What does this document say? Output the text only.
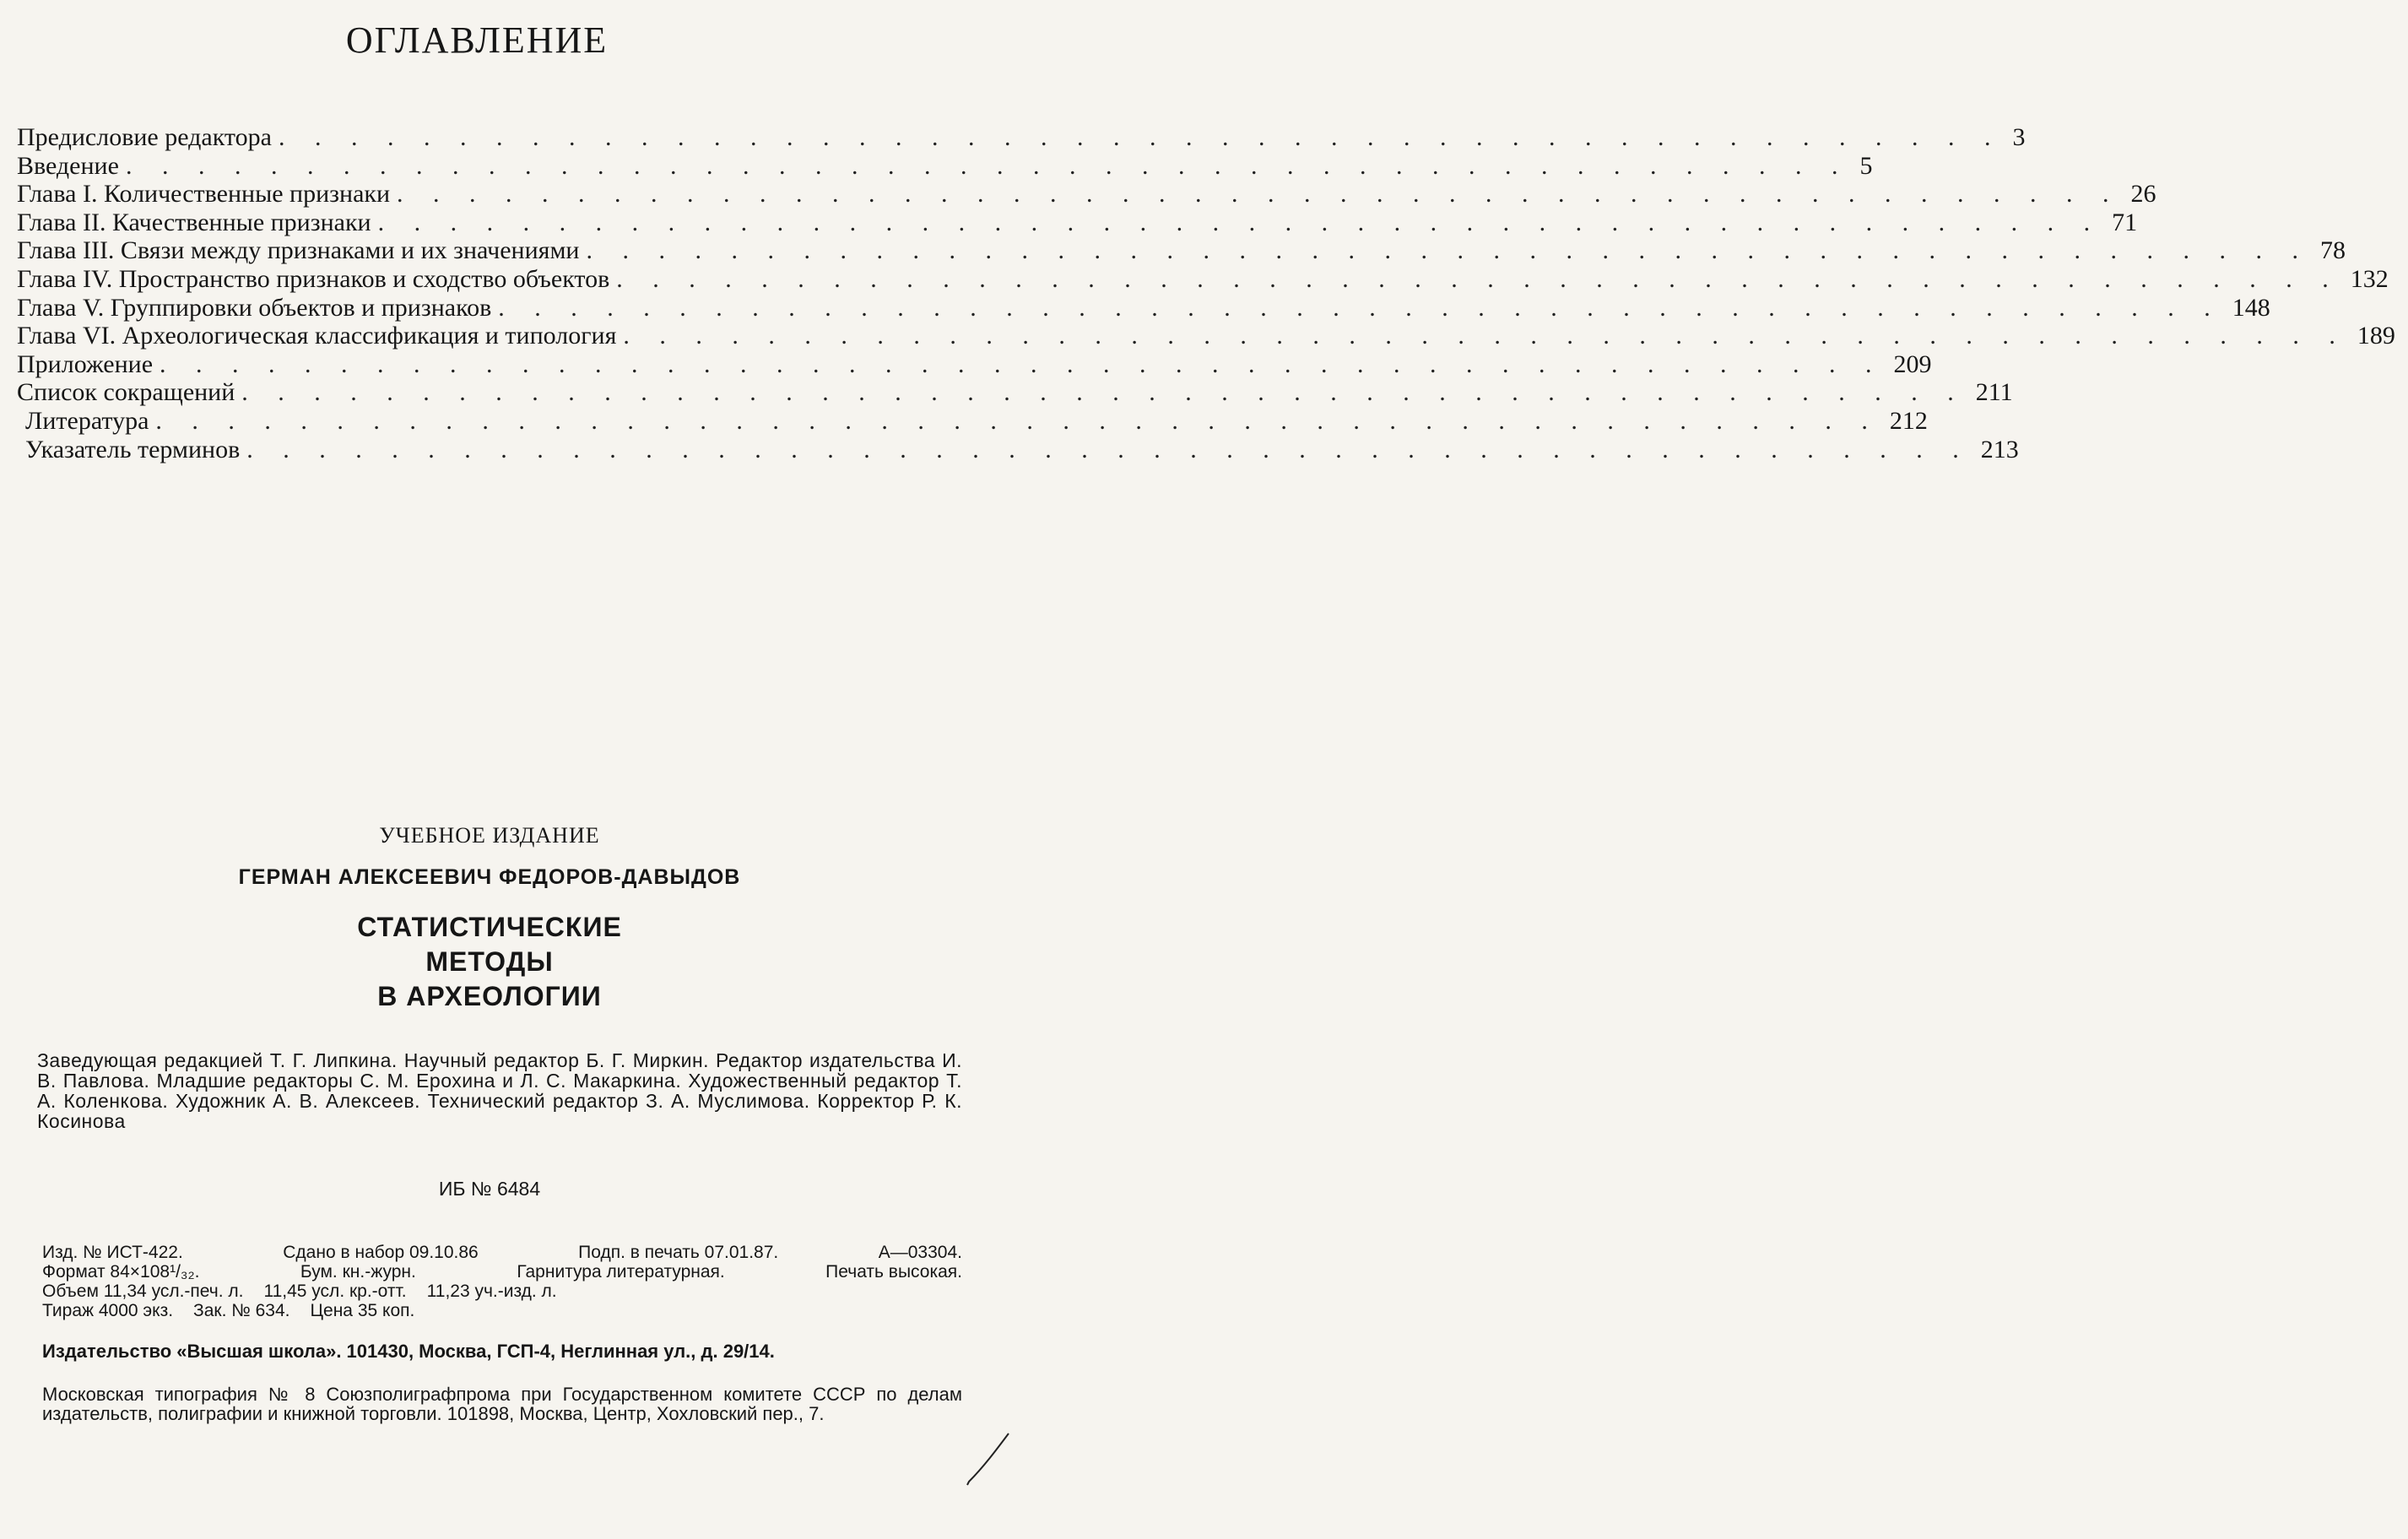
ОГЛАВЛЕНИЕ
Предисловие редактора . . . . . . . . . . . . . . . . . . . . . . . . . . . . . . . . . . . . . . . . . . . . . . . . 3
Введение . . . . . . . . . . . . . . . . . . . . . . . . . . . . . . . . . . . . . . . . . . . . . . . . 5
Глава I. Количественные признаки . . . . . . . . . . . . . . . . . . . . . . . . . . . . . . . . . . . . . . . . . . . . . . . . 26
Глава II. Качественные признаки . . . . . . . . . . . . . . . . . . . . . . . . . . . . . . . . . . . . . . . . . . . . . . . . 71
Глава III. Связи между признаками и их значениями . . . . . . . . . . . . . . . . . . . . . . . . . . . . . . . . . . . . . . . . . . . . . . . . 78
Глава IV. Пространство признаков и сходство объектов . . . . . . . . . . . . . . . . . . . . . . . . . . . . . . . . . . . . . . . . . . . . . . . . 132
Глава V. Группировки объектов и признаков . . . . . . . . . . . . . . . . . . . . . . . . . . . . . . . . . . . . . . . . . . . . . . . . 148
Глава VI. Археологическая классификация и типология . . . . . . . . . . . . . . . . . . . . . . . . . . . . . . . . . . . . . . . . . . . . . . . . 189
Приложение . . . . . . . . . . . . . . . . . . . . . . . . . . . . . . . . . . . . . . . . . . . . . . . . 209
Список сокращений . . . . . . . . . . . . . . . . . . . . . . . . . . . . . . . . . . . . . . . . . . . . . . . . 211
Литература . . . . . . . . . . . . . . . . . . . . . . . . . . . . . . . . . . . . . . . . . . . . . . . . 212
Указатель терминов . . . . . . . . . . . . . . . . . . . . . . . . . . . . . . . . . . . . . . . . . . . . . . . . 213
УЧЕБНОЕ ИЗДАНИЕ
ГЕРМАН АЛЕКСЕЕВИЧ ФЕДОРОВ-ДАВЫДОВ
СТАТИСТИЧЕСКИЕ
МЕТОДЫ
В АРХЕОЛОГИИ
Заведующая редакцией Т. Г. Липкина. Научный редактор Б. Г. Миркин. Редактор издательства И. В. Павлова. Младшие редакторы С. М. Ерохина и Л. С. Макаркина. Художественный редактор Т. А. Коленкова. Художник А. В. Алексеев. Технический редактор З. А. Муслимова. Корректор Р. К. Косинова
ИБ № 6484
Изд. № ИСТ-422.	Сдано в набор 09.10.86	Подп. в печать 07.01.87.	А—03304.
Формат 84×108¹/₃₂.	Бум. кн.-журн.	Гарнитура литературная.	Печать высокая.
Объем 11,34 усл.-печ. л. 11,45 усл. кр.-отт. 11,23 уч.-изд. л.
Тираж 4000 экз. Зак. № 634. Цена 35 коп.
Издательство «Высшая школа». 101430, Москва, ГСП-4, Неглинная ул., д. 29/14.
Московская типография № 8 Союзполиграфпрома при Государственном комитете СССР по делам издательств, полиграфии и книжной торговли. 101898, Москва, Центр, Хохловский пер., 7.
